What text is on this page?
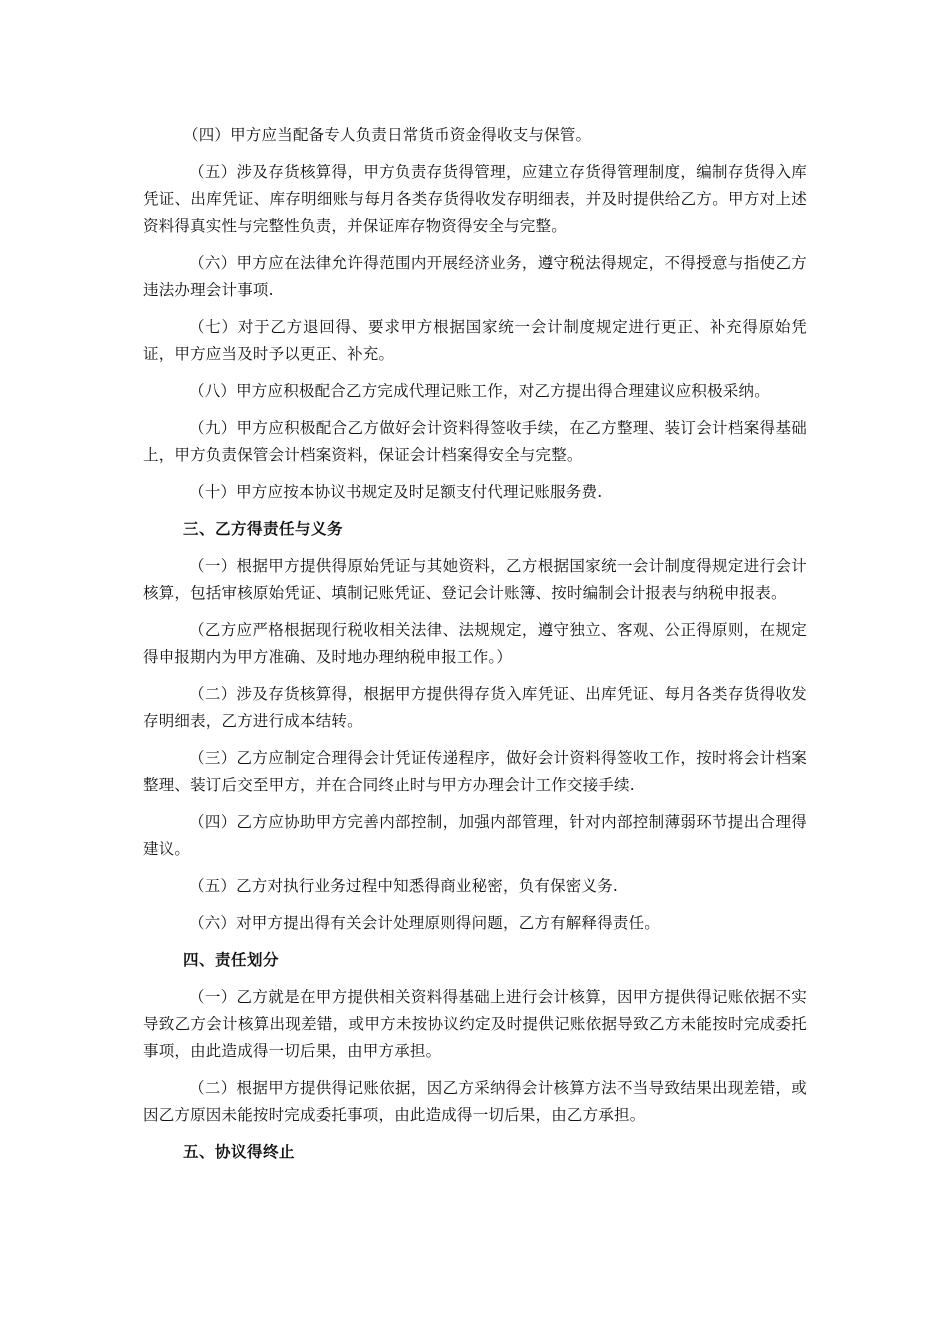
（四）甲方应当配备专人负责日常货币资金得收支与保管。

（五）涉及存货核算得，甲方负责存货得管理，应建立存货得管理制度，编制存货得入库凭证、出库凭证、库存明细账与每月各类存货得收发存明细表，并及时提供给乙方。甲方对上述资料得真实性与完整性负责，并保证库存物资得安全与完整。

（六）甲方应在法律允许得范围内开展经济业务，遵守税法得规定，不得授意与指使乙方违法办理会计事项.

（七）对于乙方退回得、要求甲方根据国家统一会计制度规定进行更正、补充得原始凭证，甲方应当及时予以更正、补充。

（八）甲方应积极配合乙方完成代理记账工作，对乙方提出得合理建议应积极采纳。

（九）甲方应积极配合乙方做好会计资料得签收手续，在乙方整理、装订会计档案得基础上，甲方负责保管会计档案资料，保证会计档案得安全与完整。

（十）甲方应按本协议书规定及时足额支付代理记账服务费.

三、乙方得责任与义务

（一）根据甲方提供得原始凭证与其她资料，乙方根据国家统一会计制度得规定进行会计核算，包括审核原始凭证、填制记账凭证、登记会计账簿、按时编制会计报表与纳税申报表。

（乙方应严格根据现行税收相关法律、法规规定，遵守独立、客观、公正得原则，在规定得申报期内为甲方准确、及时地办理纳税申报工作。）

（二）涉及存货核算得，根据甲方提供得存货入库凭证、出库凭证、每月各类存货得收发存明细表，乙方进行成本结转。

（三）乙方应制定合理得会计凭证传递程序，做好会计资料得签收工作，按时将会计档案整理、装订后交至甲方，并在合同终止时与甲方办理会计工作交接手续.

（四）乙方应协助甲方完善内部控制，加强内部管理，针对内部控制薄弱环节提出合理得建议。

（五）乙方对执行业务过程中知悉得商业秘密，负有保密义务.

（六）对甲方提出得有关会计处理原则得问题，乙方有解释得责任。

四、责任划分

（一）乙方就是在甲方提供相关资料得基础上进行会计核算，因甲方提供得记账依据不实导致乙方会计核算出现差错，或甲方未按协议约定及时提供记账依据导致乙方未能按时完成委托事项，由此造成得一切后果，由甲方承担。

（二）根据甲方提供得记账依据，因乙方采纳得会计核算方法不当导致结果出现差错，或因乙方原因未能按时完成委托事项，由此造成得一切后果，由乙方承担。

五、协议得终止
